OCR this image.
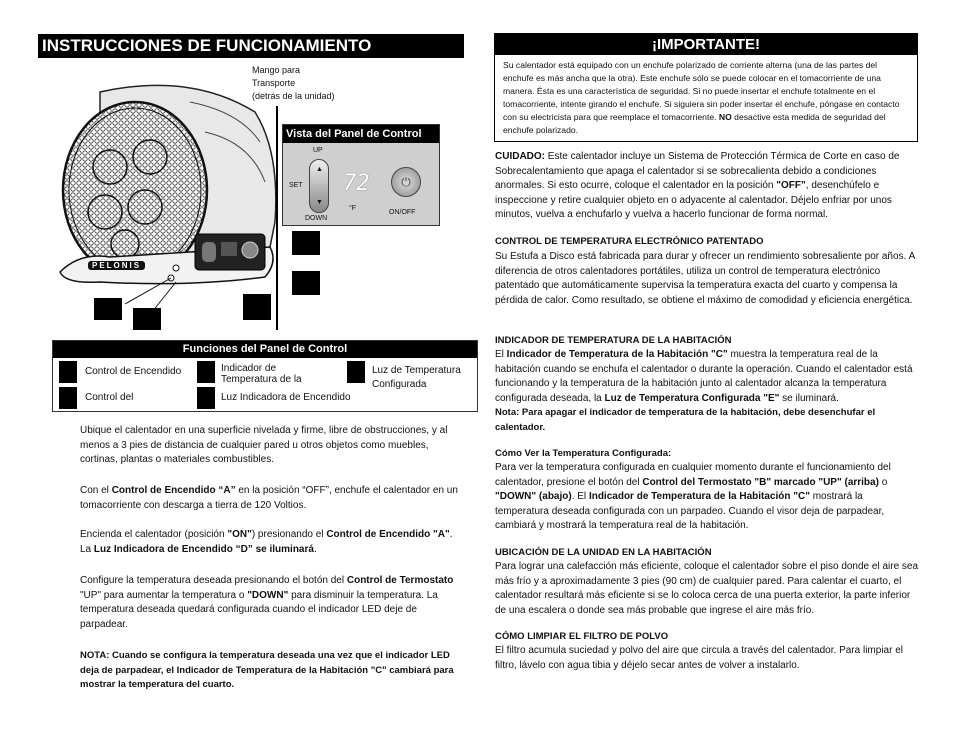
INSTRUCCIONES DE FUNCIONAMIENTO
Mango para
Transporte
(detrás de la unidad)
PELONIS
Vista del Panel de Control
UP
SET
▲
▼
DOWN
72
°F
⏻
ON/OFF
Funciones del Panel de Control
Control de Encendido
Control del
Indicador de Temperatura de la
Luz Indicadora de Encendido
Luz de Temperatura Configurada
Ubique el calentador en una superficie nivelada y firme, libre de obstrucciones, y al menos a 3 pies de distancia de cualquier pared u otros objetos como muebles, cortinas, plantas o materiales combustibles.
Con el Control de Encendido “A” en la posición “OFF”, enchufe el calentador en un tomacorriente con descarga a tierra de 120 Voltios.
Encienda el calentador (posición "ON") presionando el Control de Encendido "A". La Luz Indicadora de Encendido “D” se iluminará.
Configure la temperatura deseada presionando el botón del Control de Termostato "UP" para aumentar la temperatura o "DOWN" para disminuir la temperatura. La temperatura deseada quedará configurada cuando el indicador LED deje de parpadear.
NOTA: Cuando se configura la temperatura deseada una vez que el indicador LED deja de parpadear, el Indicador de Temperatura de la Habitación "C" cambiará para mostrar la temperatura del cuarto.
¡IMPORTANTE!
Su calentador está equipado con un enchufe polarizado de corriente alterna (una de las partes del enchufe es más ancha que la otra). Este enchufe sólo se puede colocar en el tomacorriente de una manera. Ésta es una característica de seguridad. Si no puede insertar el enchufe totalmente en el tomacorriente, intente girando el enchufe. Si siguiera sin poder insertar el enchufe, póngase en contacto con su electricista para que reemplace el tomacorriente. NO desactive esta medida de seguridad del enchufe polarizado.
CUIDADO: Este calentador incluye un Sistema de Protección Térmica de Corte en caso de Sobrecalentamiento que apaga el calentador si se sobrecalienta debido a condiciones anormales. Si esto ocurre, coloque el calentador en la posición "OFF", desenchúfelo e inspeccione y retire cualquier objeto en o adyacente al calentador. Déjelo enfriar por unos minutos, vuelva a enchufarlo y vuelva a hacerlo funcionar de forma normal.
CONTROL DE TEMPERATURA ELECTRÓNICO PATENTADO
Su Estufa a Disco está fabricada para durar y ofrecer un rendimiento sobresaliente por años. A diferencia de otros calentadores portátiles, utiliza un control de temperatura electrónico patentado que automáticamente supervisa la temperatura exacta del cuarto y compensa la pérdida de calor. Como resultado, se obtiene el máximo de comodidad y eficiencia energética.
INDICADOR DE TEMPERATURA DE LA HABITACIÓN
El Indicador de Temperatura de la Habitación "C" muestra la temperatura real de la habitación cuando se enchufa el calentador o durante la operación. Cuando el calentador está funcionando y la temperatura de la habitación junto al calentador alcanza la temperatura configurada deseada, la Luz de Temperatura Configurada "E" se iluminará.
Nota: Para apagar el indicador de temperatura de la habitación, debe desenchufar el calentador.
Cómo Ver la Temperatura Configurada:
Para ver la temperatura configurada en cualquier momento durante el funcionamiento del calentador, presione el botón del Control del Termostato "B" marcado "UP" (arriba) o "DOWN" (abajo). El Indicador de Temperatura de la Habitación "C" mostrará la temperatura deseada configurada con un parpadeo. Cuando el visor deja de parpadear, cambiará y mostrará la temperatura real de la habitación.
UBICACIÓN DE LA UNIDAD EN LA HABITACIÓN
Para lograr una calefacción más eficiente, coloque el calentador sobre el piso donde el aire sea más frío y a aproximadamente 3 pies (90 cm) de cualquier pared. Para calentar el cuarto, el calentador resultará más eficiente si se lo coloca cerca de una puerta exterior, la parte inferior de una escalera o donde sea más probable que ingrese el aire más frío.
CÓMO LIMPIAR EL FILTRO DE POLVO
El filtro acumula suciedad y polvo del aire que circula a través del calentador. Para limpiar el filtro, lávelo con agua tibia y déjelo secar antes de volver a instalarlo.
